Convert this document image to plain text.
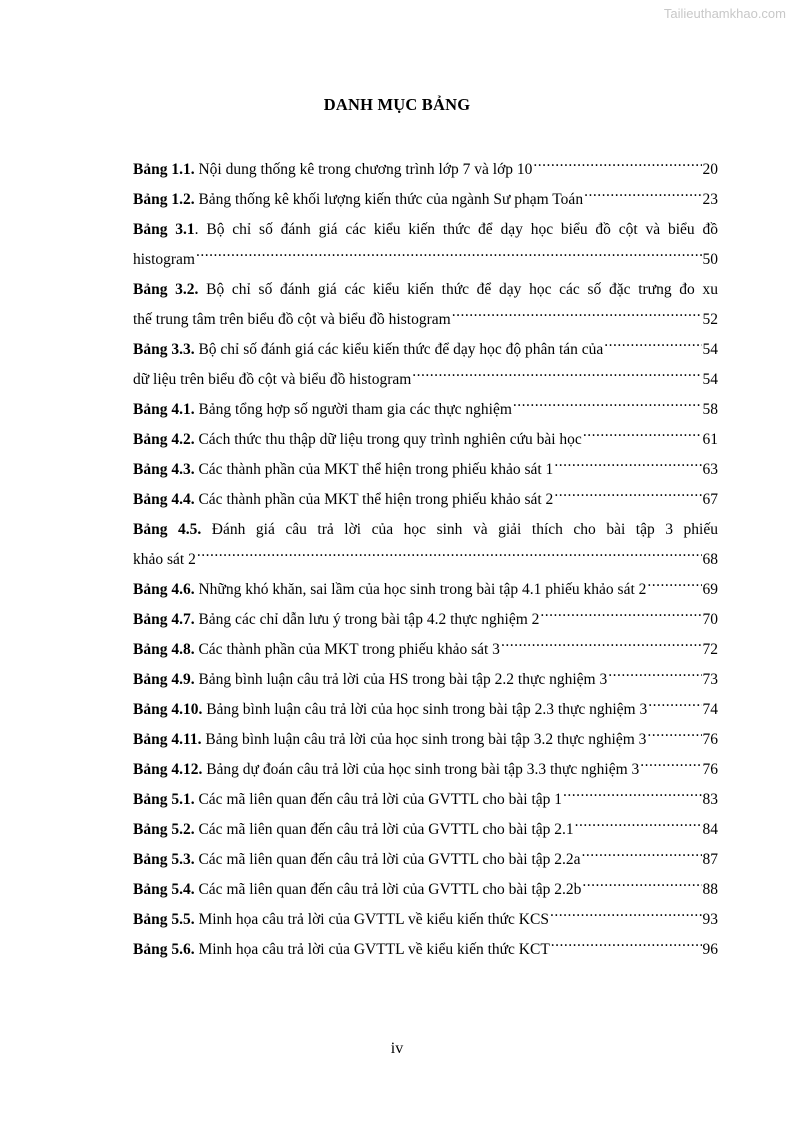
Tailieuthamkhao.com
DANH MỤC BẢNG
Bảng 1.1. Nội dung thống kê trong chương trình lớp 7 và lớp 10 .....	20
Bảng 1.2. Bảng thống kê khối lượng kiến thức của ngành Sư phạm Toán .....	23
Bảng 3.1. Bộ chỉ số đánh giá các kiểu kiến thức để dạy học biểu đồ cột và biểu đồ
histogram .....	50
Bảng 3.2. Bộ chỉ số đánh giá các kiểu kiến thức để dạy học các số đặc trưng đo xu
thế trung tâm trên biểu đồ cột và biểu đồ histogram .....	52
Bảng 3.3. Bộ chỉ số đánh giá các kiểu kiến thức để dạy học độ phân tán của .....	54
dữ liệu trên biểu đồ cột và biểu đồ histogram .....	54
Bảng 4.1. Bảng tổng hợp số người tham gia các thực nghiệm .....	58
Bảng 4.2. Cách thức thu thập dữ liệu trong quy trình nghiên cứu bài học .....	61
Bảng 4.3. Các thành phần của MKT thể hiện trong phiếu khảo sát 1 .....	63
Bảng 4.4. Các thành phần của MKT thể hiện trong phiếu khảo sát 2 .....	67
Bảng 4.5. Đánh giá câu trả lời của học sinh và giải thích cho bài tập 3 phiếu
khảo sát 2 .....	68
Bảng 4.6. Những khó khăn, sai lầm của học sinh trong bài tập 4.1 phiếu khảo sát 2 .....	69
Bảng 4.7. Bảng các chỉ dẫn lưu ý trong bài tập 4.2 thực nghiệm 2 .....	70
Bảng 4.8. Các thành phần của MKT trong phiếu khảo sát 3 .....	72
Bảng 4.9. Bảng bình luận câu trả lời của HS trong bài tập 2.2 thực nghiệm 3 .....	73
Bảng 4.10. Bảng bình luận câu trả lời của học sinh trong bài tập 2.3 thực nghiệm 3 .....	74
Bảng 4.11. Bảng bình luận câu trả lời của học sinh trong bài tập 3.2 thực nghiệm 3 .....	76
Bảng 4.12. Bảng dự đoán câu trả lời của học sinh trong bài tập 3.3 thực nghiệm 3 .....	76
Bảng 5.1. Các mã liên quan đến câu trả lời của GVTTL cho bài tập 1 .....	83
Bảng 5.2. Các mã liên quan đến câu trả lời của GVTTL cho bài tập 2.1 .....	84
Bảng 5.3. Các mã liên quan đến câu trả lời của GVTTL cho bài tập 2.2a .....	87
Bảng 5.4. Các mã liên quan đến câu trả lời của GVTTL cho bài tập 2.2b .....	88
Bảng 5.5. Minh họa câu trả lời của GVTTL về kiểu kiến thức KCS .....	93
Bảng 5.6. Minh họa câu trả lời của GVTTL về kiểu kiến thức KCT .....	96
iv
